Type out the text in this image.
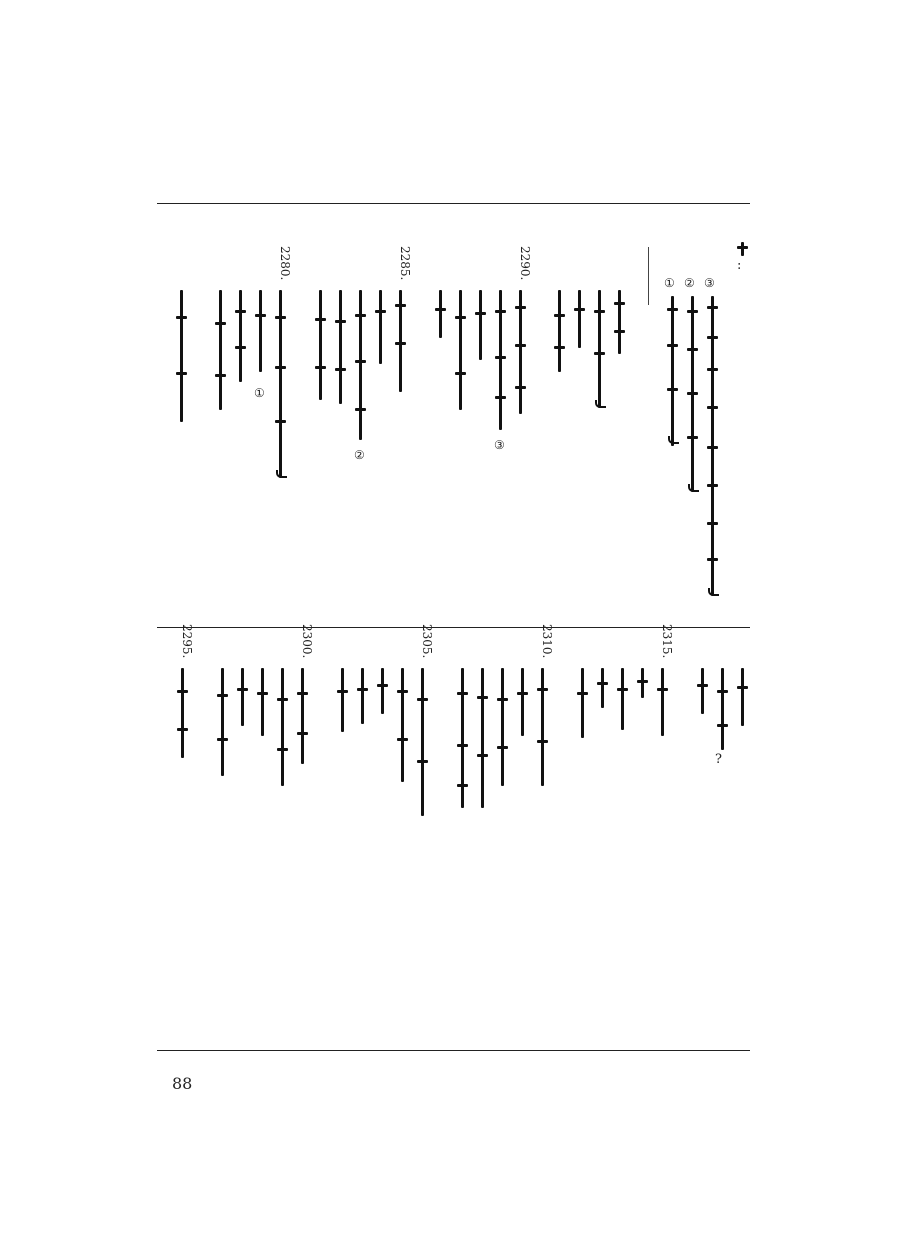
:
③
②
①
2290.
③
2285.
②
2280.
①
?
2315.
2310.
2305.
2300.
2295.
88
